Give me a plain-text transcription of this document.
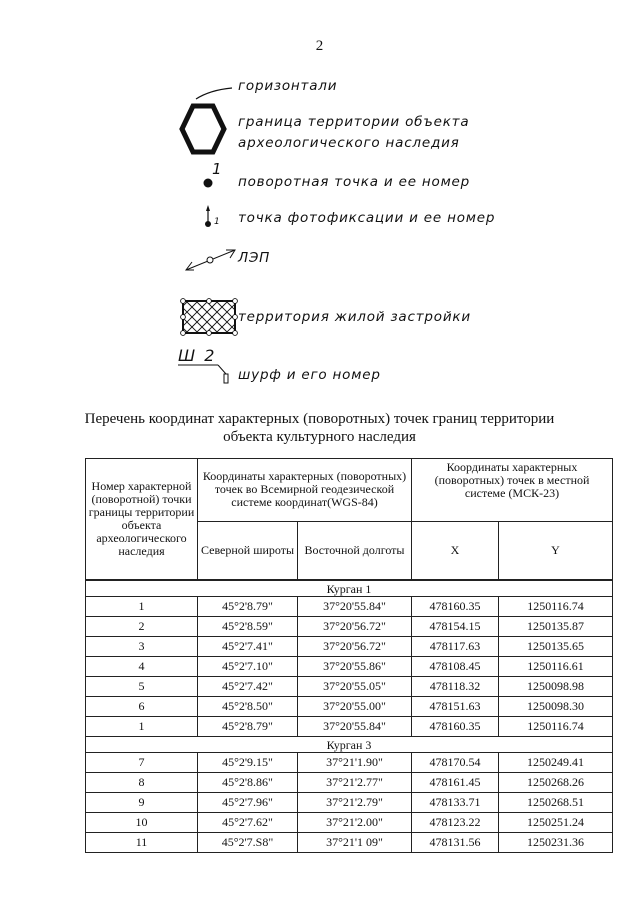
2
горизонтали
граница территории объекта
археологического наследия
1
поворотная точка и ее номер
1 точка фотофиксации и ее номер
ЛЭП
территория жилой застройки
Ш 2
шурф и его номер
Перечень координат характерных (поворотных) точек границ территории
объекта культурного наследия
Номер характерной (поворотной) точки границы территории объекта археологического наследия	Координаты характерных (поворотных) точек во Всемирной геодезической системе координат(WGS-84)		Координаты характерных (поворотных) точек в местной системе (МСК-23)	
	Северной широты	Восточной долготы	X	Y
Курган 1				
1	45°2'8.79"	37°20'55.84"	478160.35	1250116.74
2	45°2'8.59"	37°20'56.72"	478154.15	1250135.87
3	45°2'7.41"	37°20'56.72"	478117.63	1250135.65
4	45°2'7.10"	37°20'55.86"	478108.45	1250116.61
5	45°2'7.42"	37°20'55.05"	478118.32	1250098.98
6	45°2'8.50"	37°20'55.00"	478151.63	1250098.30
1	45°2'8.79"	37°20'55.84"	478160.35	1250116.74
Курган 3				
7	45°2'9.15"	37°21'1.90"	478170.54	1250249.41
8	45°2'8.86"	37°21'2.77"	478161.45	1250268.26
9	45°2'7.96"	37°21'2.79"	478133.71	1250268.51
10	45°2'7.62"	37°21'2.00"	478123.22	1250251.24
11	45°2'7.S8"	37°21'1 09"	478131.56	1250231.36
